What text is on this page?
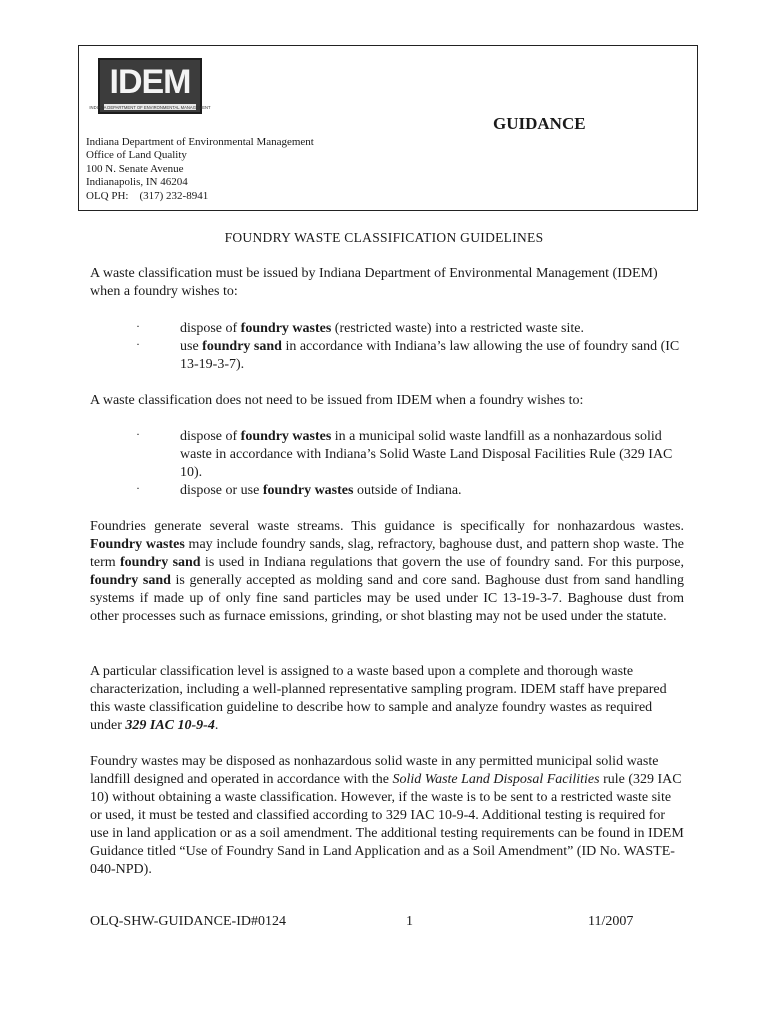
IDEM
INDIANA DEPARTMENT OF ENVIRONMENTAL MANAGEMENT
GUIDANCE
Indiana Department of Environmental Management
Office of Land Quality
100 N. Senate Avenue
Indianapolis, IN 46204
OLQ PH:    (317) 232-8941
FOUNDRY WASTE CLASSIFICATION GUIDELINES

A waste classification must be issued by Indiana Department of Environmental Management (IDEM) when a foundry wishes to:

·	dispose of foundry wastes (restricted waste) into a restricted waste site.
·	use foundry sand in accordance with Indiana’s law allowing the use of foundry sand (IC 13-19-3-7).

A waste classification does not need to be issued from IDEM when a foundry wishes to:

·	dispose of foundry wastes in a municipal solid waste landfill as a nonhazardous solid waste in accordance with Indiana’s Solid Waste Land Disposal Facilities Rule (329 IAC 10).
·	dispose or use foundry wastes outside of Indiana.

Foundries generate several waste streams. This guidance is specifically for nonhazardous wastes. Foundry wastes may include foundry sands, slag, refractory, baghouse dust, and pattern shop waste. The term foundry sand is used in Indiana regulations that govern the use of foundry sand. For this purpose, foundry sand is generally accepted as molding sand and core sand. Baghouse dust from sand handling systems if made up of only fine sand particles may be used under IC 13-19-3-7. Baghouse dust from other processes such as furnace emissions, grinding, or shot blasting may not be used under the statute.

A particular classification level is assigned to a waste based upon a complete and thorough waste characterization, including a well-planned representative sampling program. IDEM staff have prepared this waste classification guideline to describe how to sample and analyze foundry wastes as required under 329 IAC 10-9-4.

Foundry wastes may be disposed as nonhazardous solid waste in any permitted municipal solid waste landfill designed and operated in accordance with the Solid Waste Land Disposal Facilities rule (329 IAC 10) without obtaining a waste classification. However, if the waste is to be sent to a restricted waste site or used, it must be tested and classified according to 329 IAC 10-9-4. Additional testing is required for use in land application or as a soil amendment. The additional testing requirements can be found in IDEM Guidance titled “Use of Foundry Sand in Land Application and as a Soil Amendment” (ID No. WASTE-040-NPD).

OLQ-SHW-GUIDANCE-ID#0124	1	11/2007
